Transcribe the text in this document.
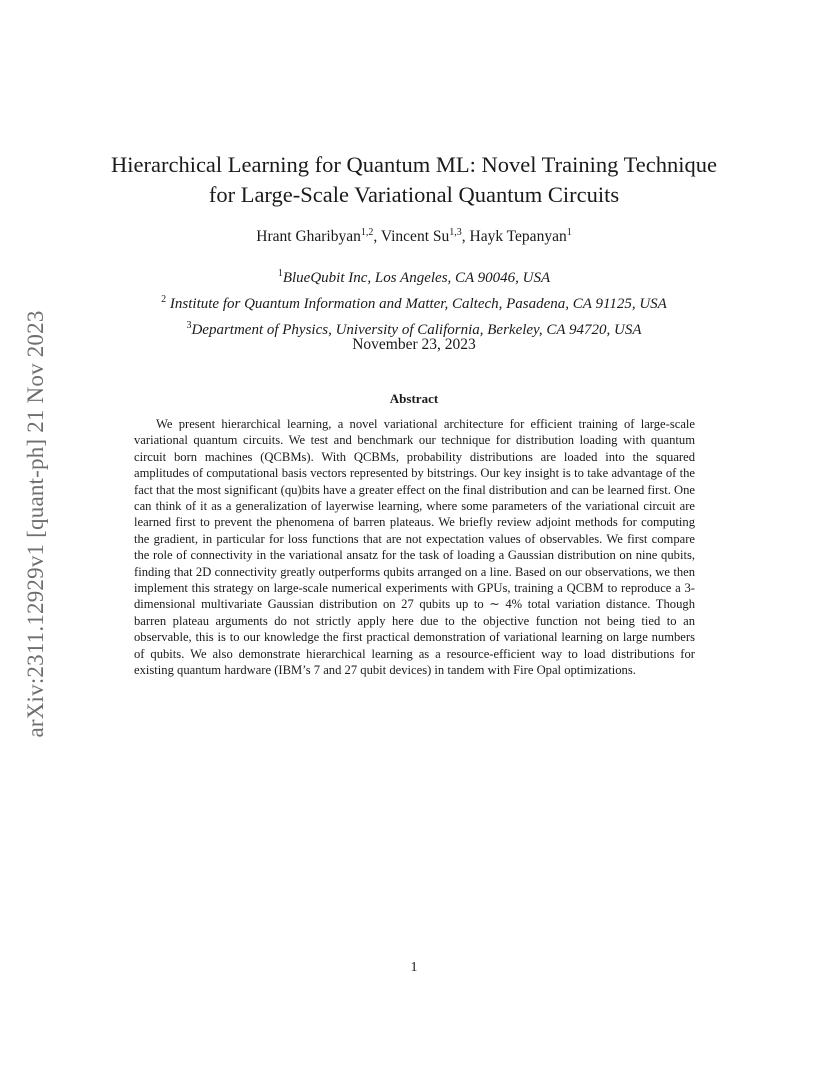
arXiv:2311.12929v1 [quant-ph] 21 Nov 2023
Hierarchical Learning for Quantum ML: Novel Training Technique
for Large-Scale Variational Quantum Circuits
Hrant Gharibyan$^{1,2}$, Vincent Su$^{1,3}$, Hayk Tepanyan$^1$
$^1$BlueQubit Inc, Los Angeles, CA 90046, USA
$^2$ Institute for Quantum Information and Matter, Caltech, Pasadena, CA 91125, USA
$^3$Department of Physics, University of California, Berkeley, CA 94720, USA
November 23, 2023
Abstract

We present hierarchical learning, a novel variational architecture for efficient training of large-scale variational quantum circuits. We test and benchmark our technique for distribution loading with quantum circuit born machines (QCBMs). With QCBMs, probability distributions are loaded into the squared amplitudes of computational basis vectors represented by bitstrings. Our key insight is to take advantage of the fact that the most significant (qu)bits have a greater effect on the final distribution and can be learned first. One can think of it as a generalization of layerwise learning, where some parameters of the variational circuit are learned first to prevent the phenomena of barren plateaus. We briefly review adjoint methods for computing the gradient, in particular for loss functions that are not expectation values of observables. We first compare the role of connectivity in the variational ansatz for the task of loading a Gaussian distribution on nine qubits, finding that 2D connectivity greatly outperforms qubits arranged on a line. Based on our observations, we then implement this strategy on large-scale numerical experiments with GPUs, training a QCBM to reproduce a 3-dimensional multivariate Gaussian distribution on 27 qubits up to ∼ 4% total variation distance. Though barren plateau arguments do not strictly apply here due to the objective function not being tied to an observable, this is to our knowledge the first practical demonstration of variational learning on large numbers of qubits. We also demonstrate hierarchical learning as a resource-efficient way to load distributions for existing quantum hardware (IBM’s 7 and 27 qubit devices) in tandem with Fire Opal optimizations.

1
